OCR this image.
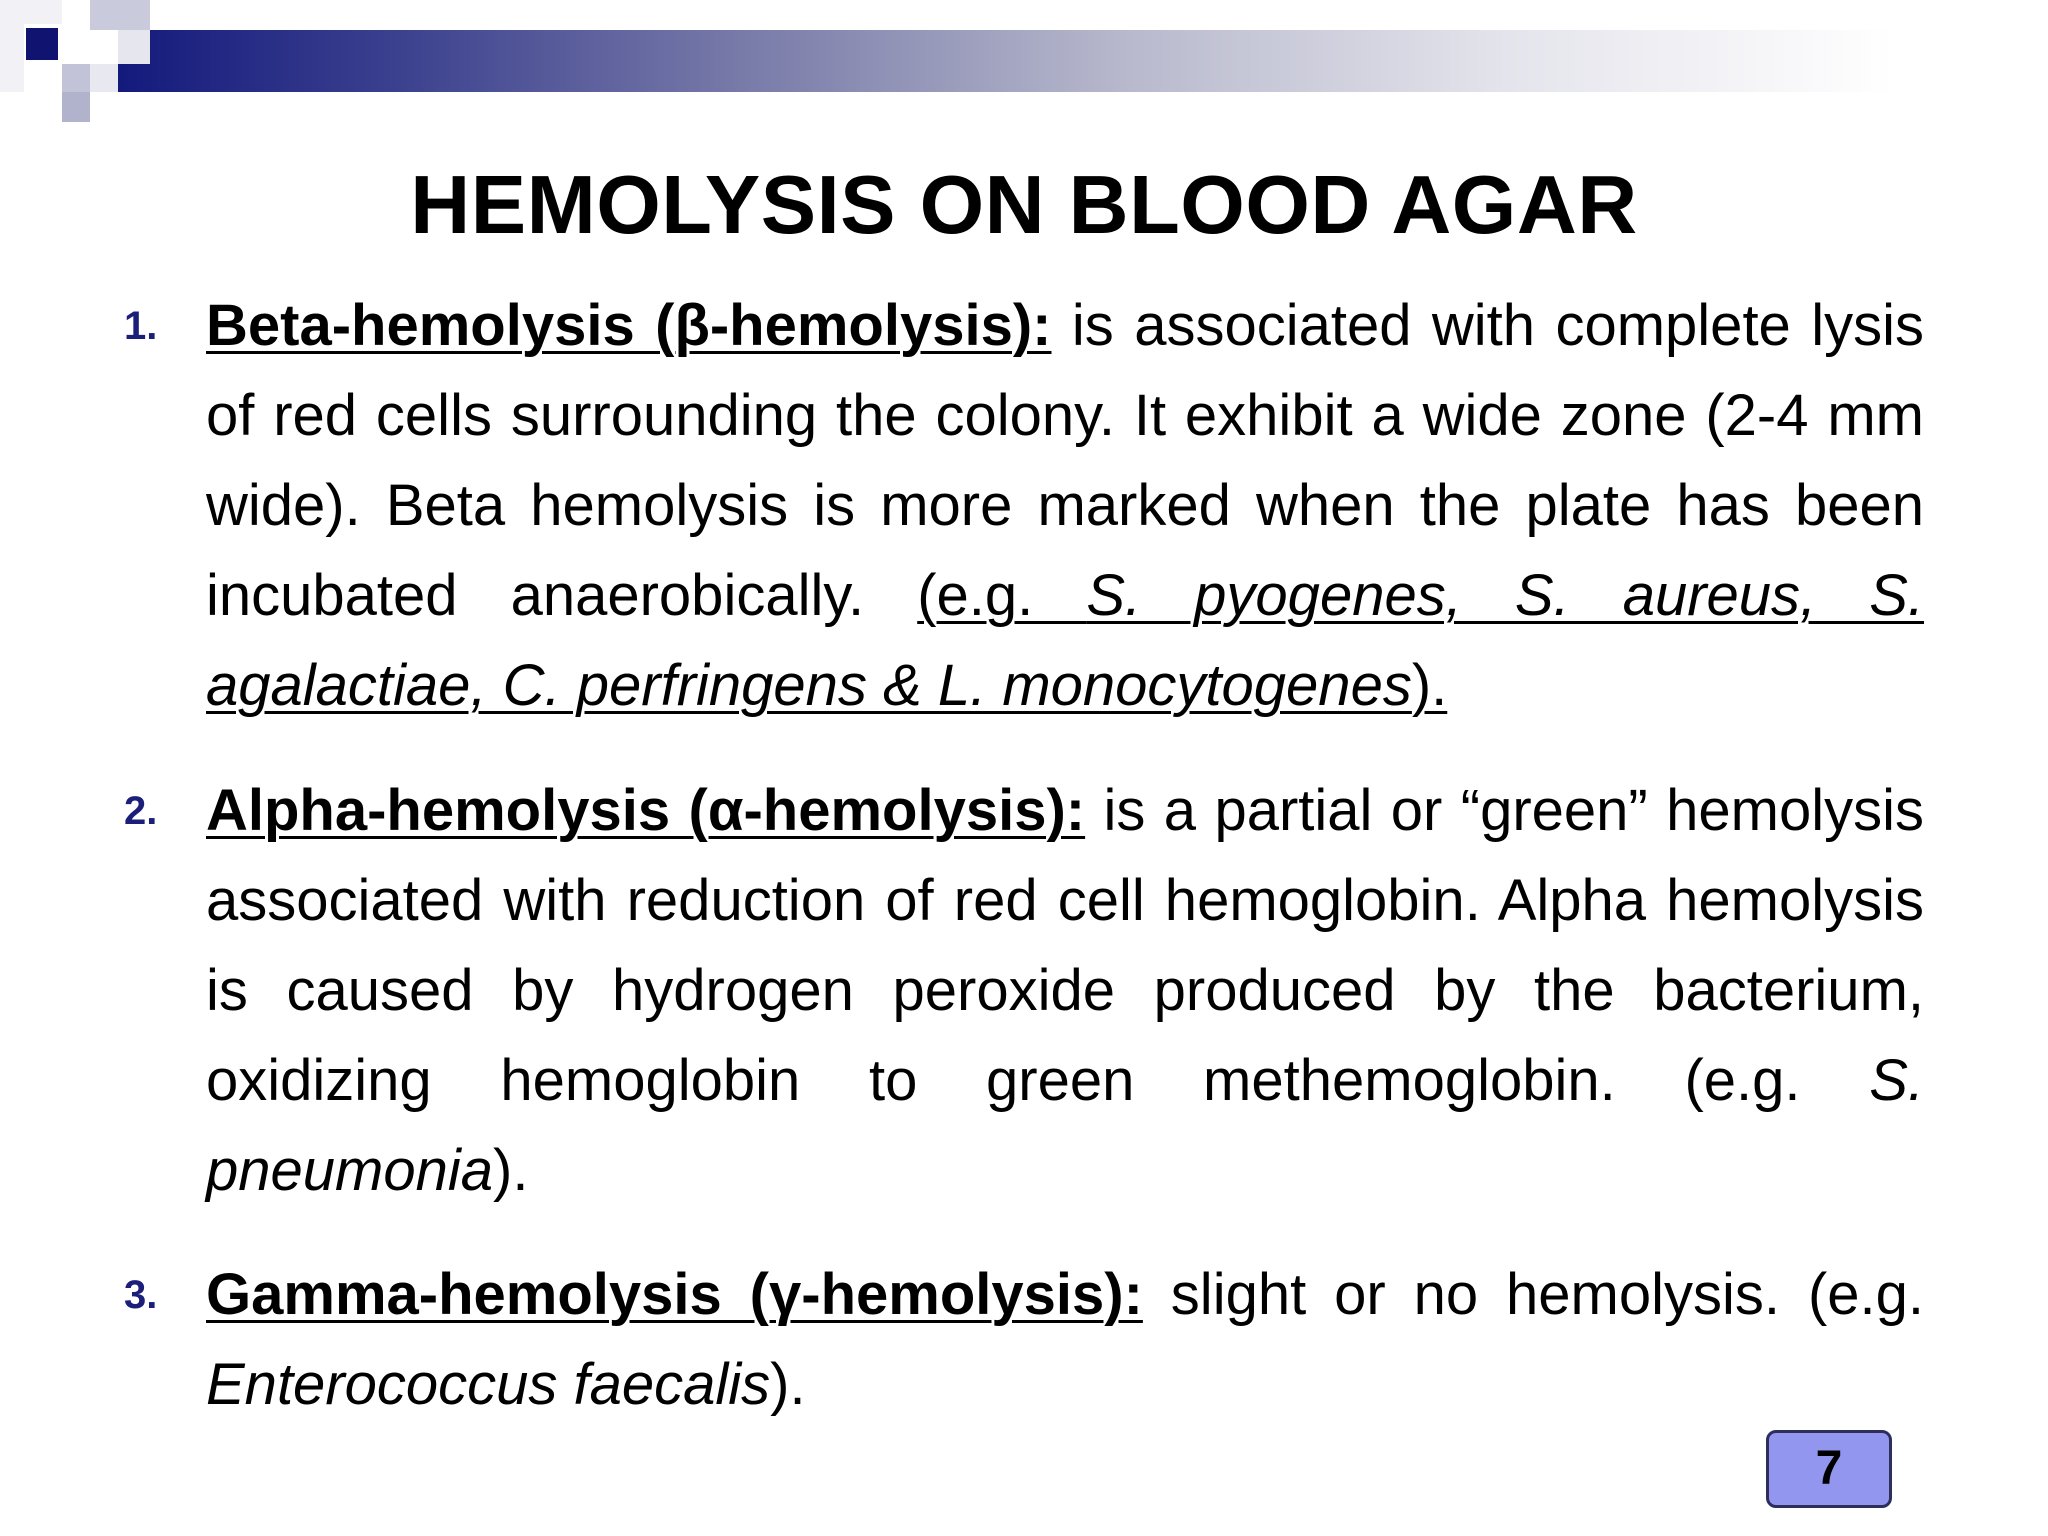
HEMOLYSIS ON BLOOD AGAR
1. Beta-hemolysis (β-hemolysis): is associated with complete lysis of red cells surrounding the colony. It exhibit a wide zone (2-4 mm wide). Beta hemolysis is more marked when the plate has been incubated anaerobically. (e.g. S. pyogenes, S. aureus, S. agalactiae, C. perfringens & L. monocytogenes).
2. Alpha-hemolysis (α-hemolysis): is a partial or “green” hemolysis associated with reduction of red cell hemoglobin. Alpha hemolysis is caused by hydrogen peroxide produced by the bacterium, oxidizing hemoglobin to green methemoglobin. (e.g. S. pneumonia).
3. Gamma-hemolysis (γ-hemolysis): slight or no hemolysis. (e.g. Enterococcus faecalis).
7
